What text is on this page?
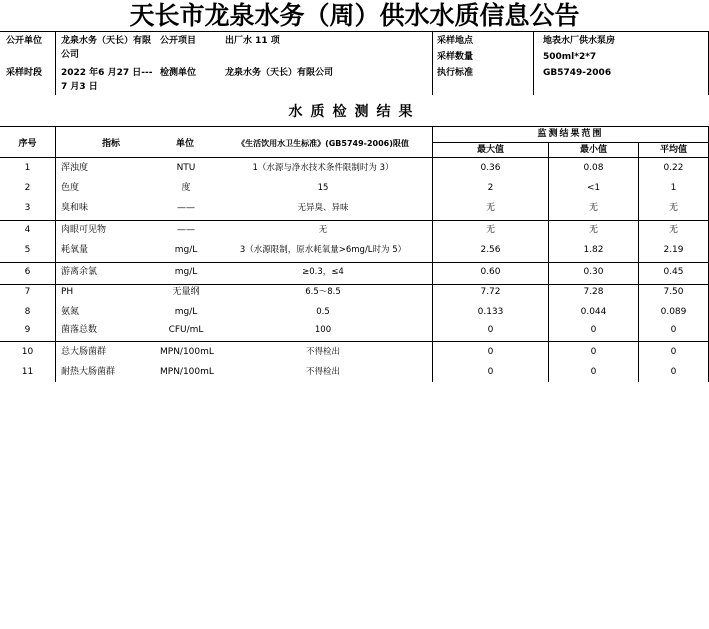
天长市龙泉水务（周）供水水质信息公告
公开单位 龙泉水务（天长）有限公司
公开项目	出厂水 11 项	采样地点	地表水厂供水泵房
采样数量	500ml*2*7
采样时段 2022 年6 月27 日---7 月3 日
检测单位	龙泉水务（天长）有限公司	执行标准	GB5749-2006
水质检测结果
序号	指标	单位	《生活饮用水卫生标准》(GB5749-2006)限值
监测结果范围
最大值	最小值	平均值
1	浑浊度	NTU	1（水源与净水技术条件限制时为 3）	0.36	0.08	0.22
2	色度	度	15	2	<1	1
3	臭和味	——	无异臭、异味	无	无	无
4	肉眼可见物	——	无	无	无	无
5	耗氧量	mg/L	3（水源限制，原水耗氧量>6mg/L时为 5）	2.56	1.82	2.19
6	游离余氯	mg/L	≥0.3，≤4	0.60	0.30	0.45
7	PH	无量纲	6.5～8.5	7.72	7.28	7.50
8	氨氮	mg/L	0.5	0.133	0.044	0.089
9	菌落总数	CFU/mL	100	0	0	0
10	总大肠菌群	MPN/100mL	不得检出	0	0	0
11	耐热大肠菌群	MPN/100mL	不得检出	0	0	0
